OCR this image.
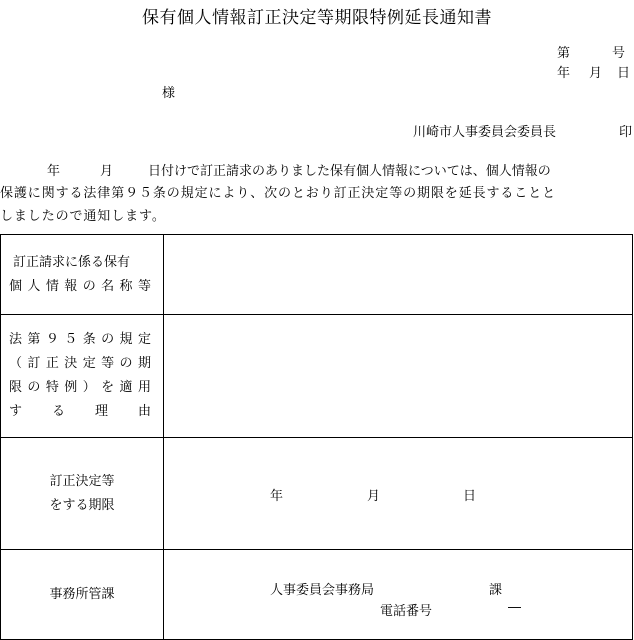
保有個人情報訂正決定等期限特例延長通知書
第	号
年 月 日
様
川崎市人事委員会委員長	印
年	月	日付けで訂正請求のありました保有個人情報については、個人情報の
保護に関する法律第９５条の規定により、次のとおり訂正決定等の期限を延長することと
しましたので通知します。
訂正請求に係る保有
個人情報の名称等	

法第９５条の規定
（訂正決定等の期
限の特例）を適用
する理由	

訂正決定等
をする期限	年 月 日

事務所管課	人事委員会事務局 課
電話番号 ―
